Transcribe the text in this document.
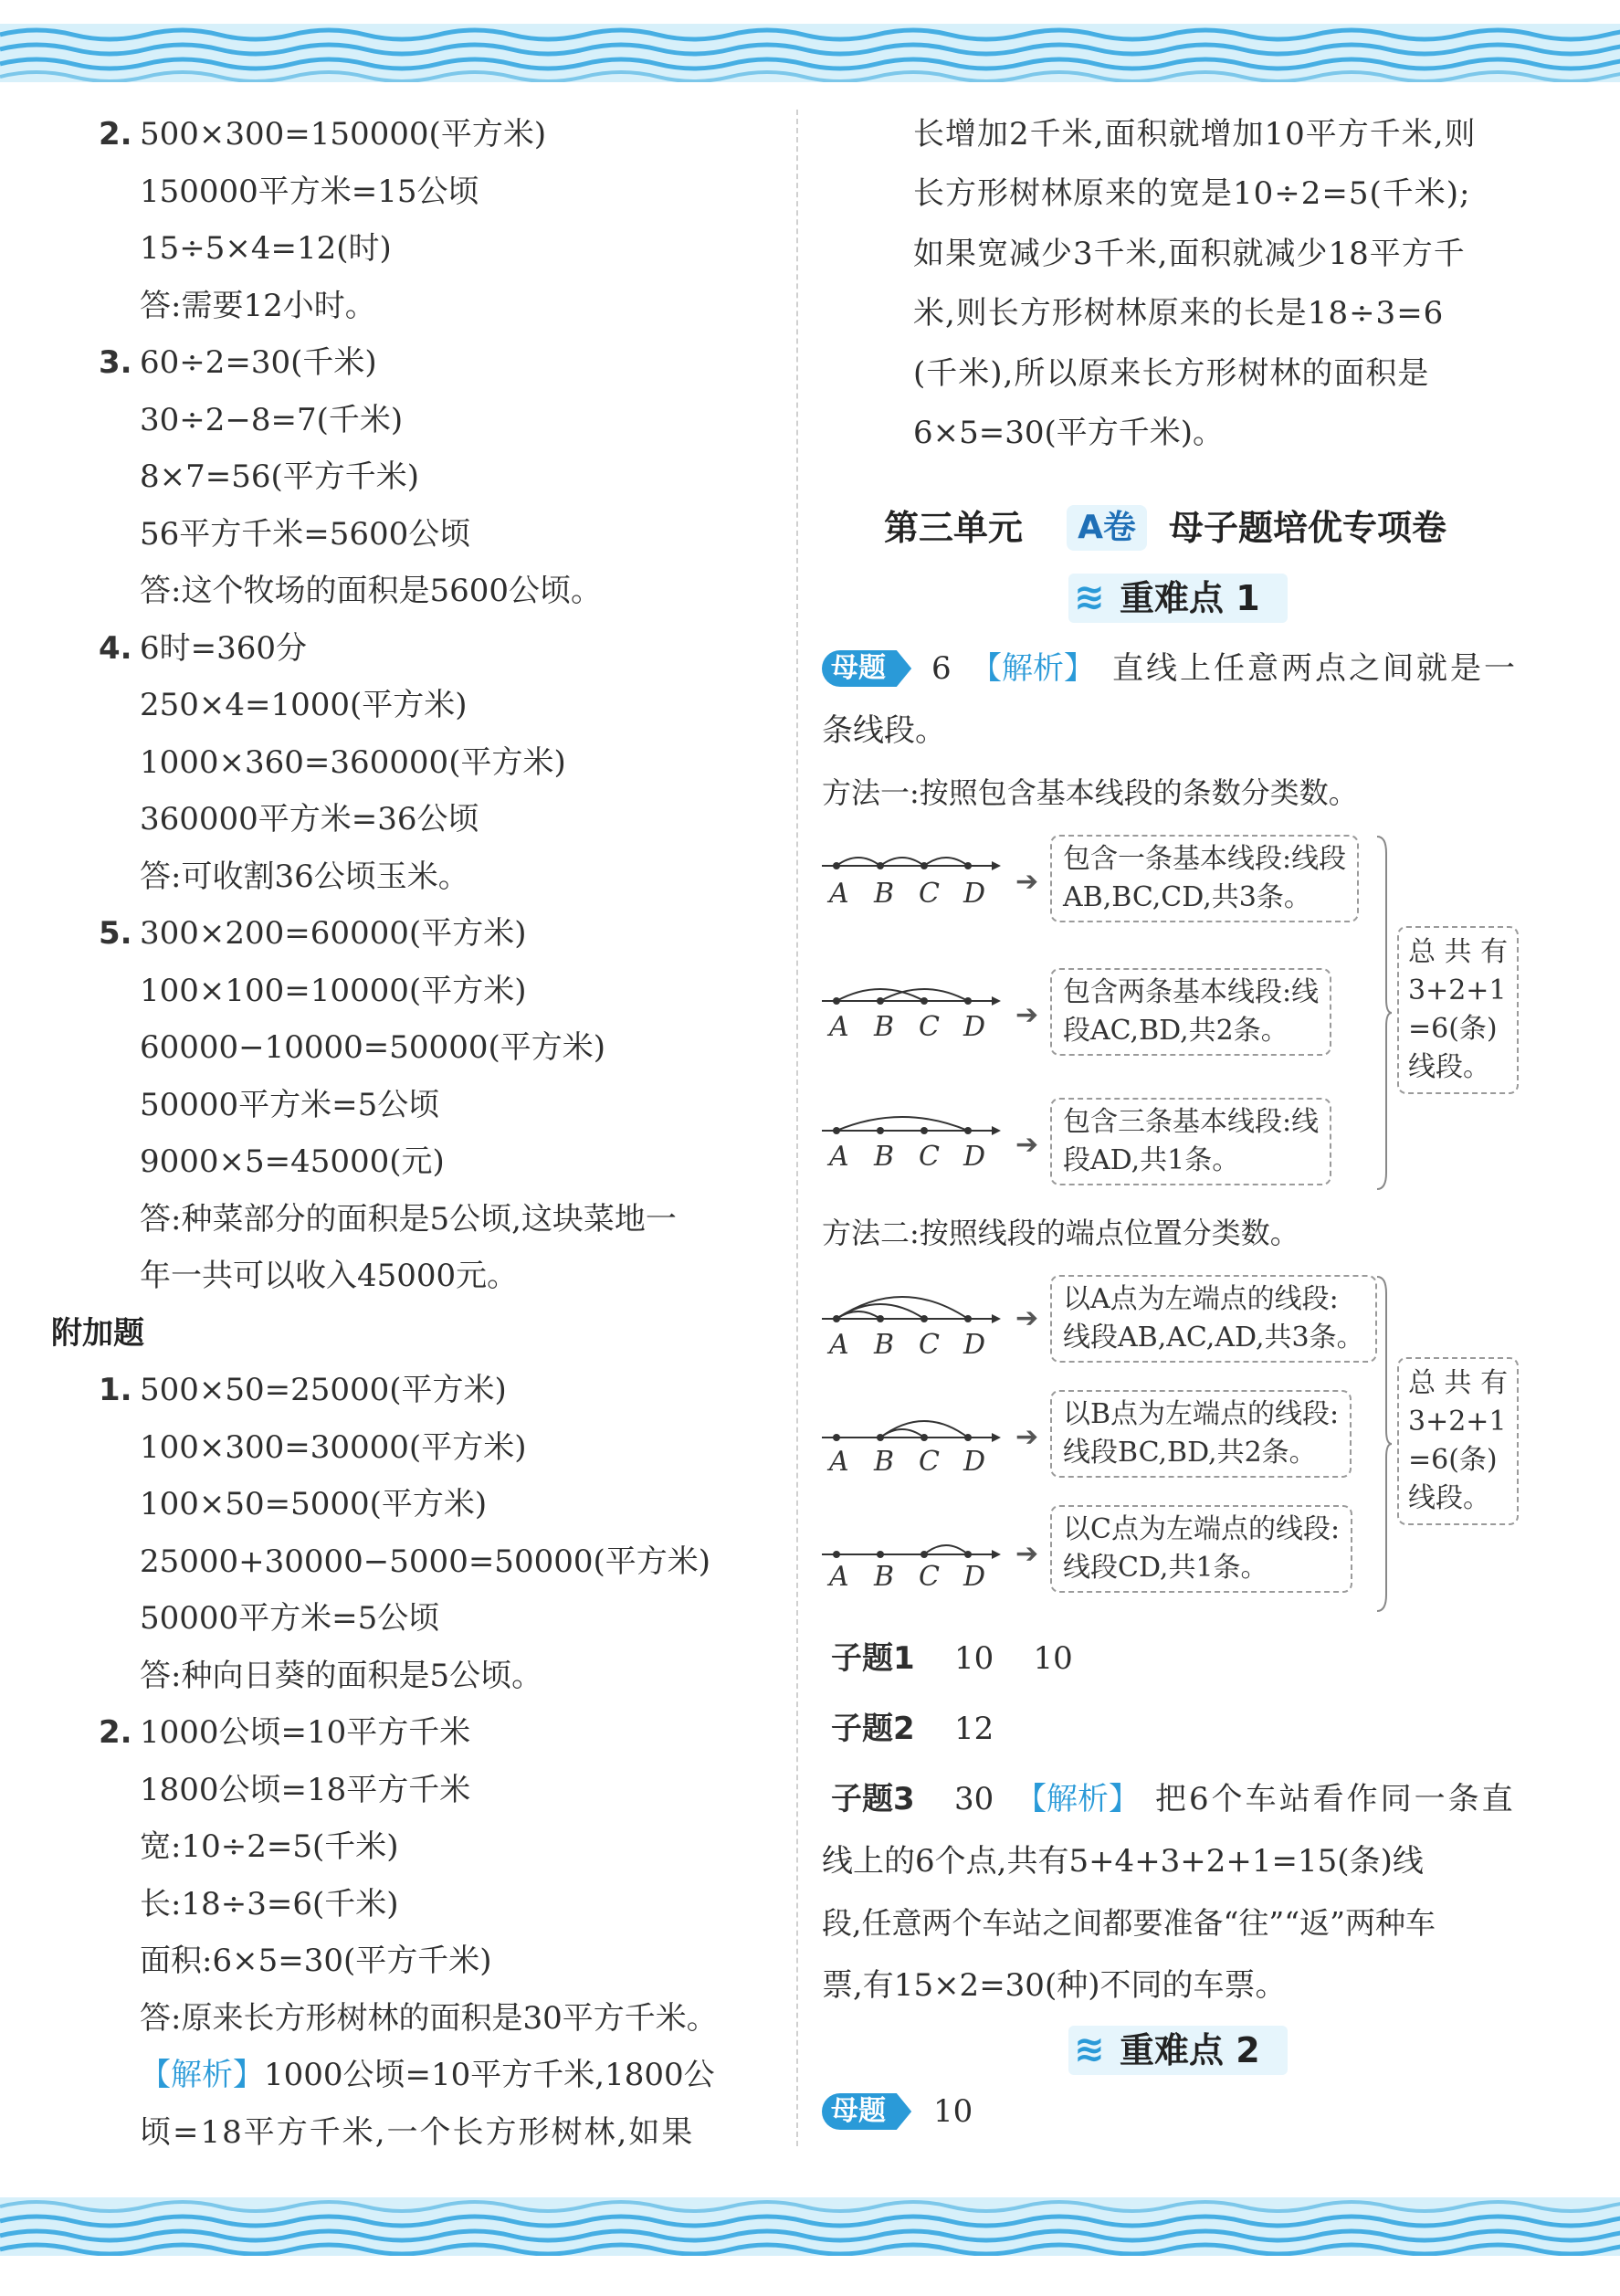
2. 500×300=150000(平方米)
150000平方米=15公顷
15÷5×4=12(时)
答:需要12小时。
3. 60÷2=30(千米)
30÷2−8=7(千米)
8×7=56(平方千米)
56平方千米=5600公顷
答:这个牧场的面积是5600公顷。
4. 6时=360分
250×4=1000(平方米)
1000×360=360000(平方米)
360000平方米=36公顷
答:可收割36公顷玉米。
5. 300×200=60000(平方米)
100×100=10000(平方米)
60000−10000=50000(平方米)
50000平方米=5公顷
9000×5=45000(元)
答:种菜部分的面积是5公顷,这块菜地一
年一共可以收入45000元。
附加题
1. 500×50=25000(平方米)
100×300=30000(平方米)
100×50=5000(平方米)
25000+30000−5000=50000(平方米)
50000平方米=5公顷
答:种向日葵的面积是5公顷。
2. 1000公顷=10平方千米
1800公顷=18平方千米
宽:10÷2=5(千米)
长:18÷3=6(千米)
面积:6×5=30(平方千米)
答:原来长方形树林的面积是30平方千米。
【解析】1000公顷=10平方千米,1800公
顷=18平方千米,一个长方形树林,如果
长增加2千米,面积就增加10平方千米,则
长方形树林原来的宽是10÷2=5(千米);
如果宽减少3千米,面积就减少18平方千
米,则长方形树林原来的长是18÷3=6
(千米),所以原来长方形树林的面积是
6×5=30(平方千米)。
第三单元	A卷 母子题培优专项卷
≋ 重难点 1
母题 6 【解析】 直线上任意两点之间就是一
条线段。
方法一:按照包含基本线段的条数分类数。
A B C D	➔
包含一条基本线段:线段
AB,BC,CD,共3条。
A B C D	➔
包含两条基本线段:线
段AC,BD,共2条。
A B C D	➔
包含三条基本线段:线
段AD,共1条。
总 共 有
3+2+1
=6(条)
线段。
方法二:按照线段的端点位置分类数。
A B C D
➔
以A点为左端点的线段:
线段AB,AC,AD,共3条。
A B C D
➔
以B点为左端点的线段:
线段BC,BD,共2条。
A B C D
➔
以C点为左端点的线段:
线段CD,共1条。
总 共 有
3+2+1
=6(条)
线段。
子题1 10    10
子题2 12
子题3 30 【解析】 把6个车站看作同一条直
线上的6个点,共有5+4+3+2+1=15(条)线
段,任意两个车站之间都要准备“往”“返”两种车
票,有15×2=30(种)不同的车票。
≋ 重难点 2
母题 10
